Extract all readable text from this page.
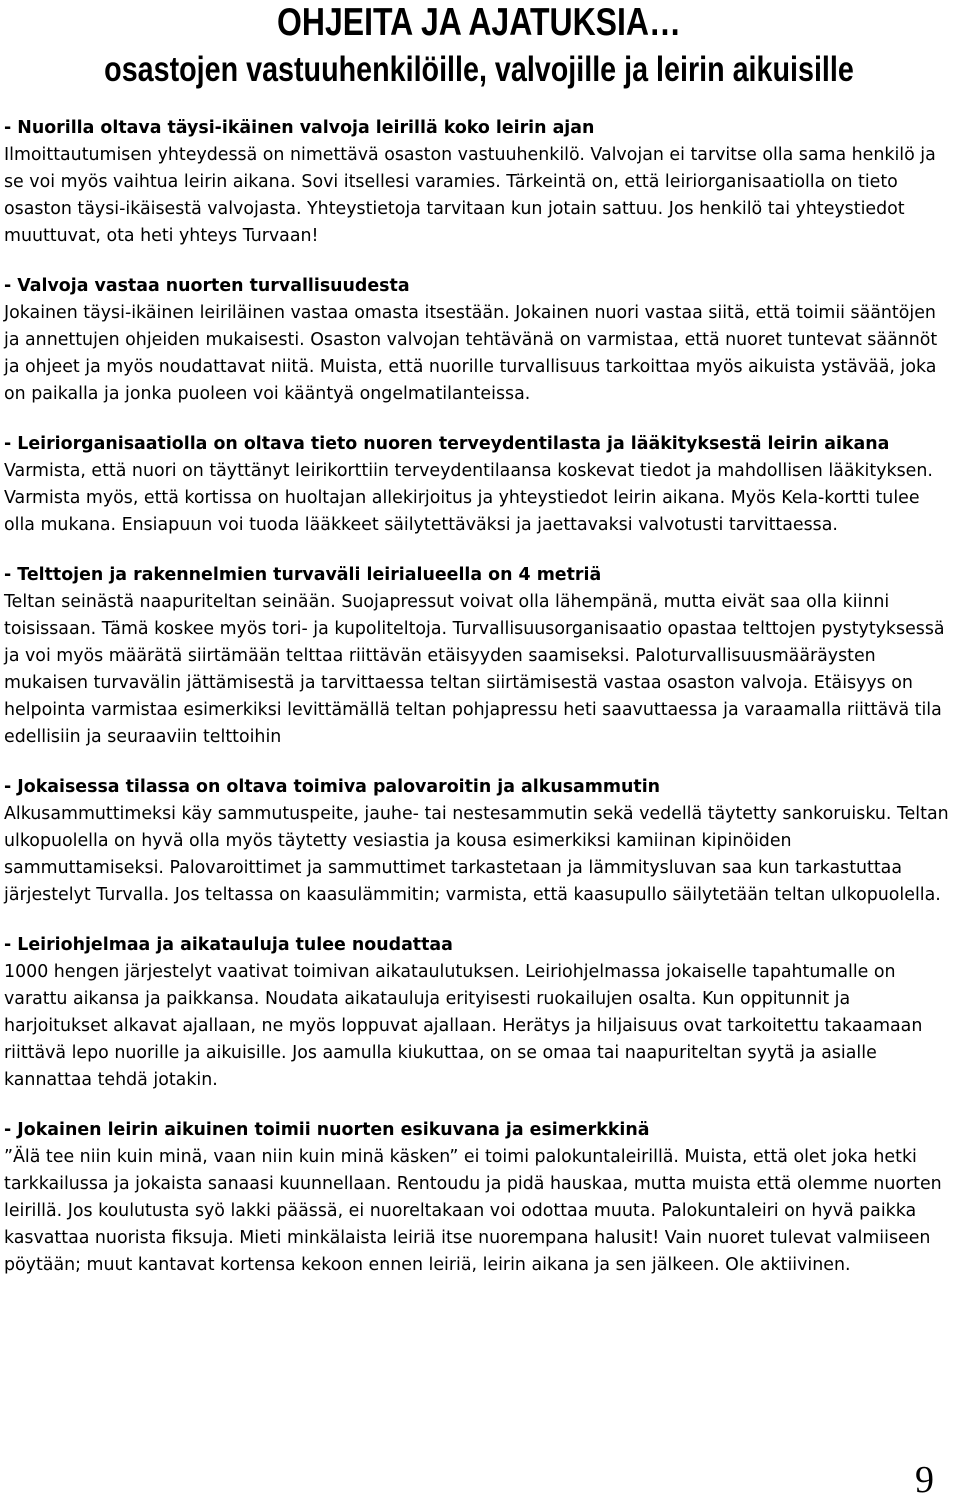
OHJEITA JA AJATUKSIA…
osastojen vastuuhenkilöille, valvojille ja leirin aikuisille

- Nuorilla oltava täysi-ikäinen valvoja leirillä koko leirin ajan

Ilmoittautumisen yhteydessä on nimettävä osaston vastuuhenkilö. Valvojan ei tarvitse olla sama henkilö ja se voi myös vaihtua leirin aikana. Sovi itsellesi varamies. Tärkeintä on, että leiriorganisaatiolla on tieto osaston täysi-ikäisestä valvojasta. Yhteystietoja tarvitaan kun jotain sattuu. Jos henkilö tai yhteystiedot muuttuvat, ota heti yhteys Turvaan!

- Valvoja vastaa nuorten turvallisuudesta

Jokainen täysi-ikäinen leiriläinen vastaa omasta itsestään. Jokainen nuori vastaa siitä, että toimii sääntöjen ja annettujen ohjeiden mukaisesti. Osaston valvojan tehtävänä on varmistaa, että nuoret tuntevat säännöt ja ohjeet ja myös noudattavat niitä. Muista, että nuorille turvallisuus tarkoittaa myös aikuista ystävää, joka on paikalla ja jonka puoleen voi kääntyä ongelmatilanteissa.

- Leiriorganisaatiolla on oltava tieto nuoren terveydentilasta ja lääkityksestä leirin aikana

Varmista, että nuori on täyttänyt leirikorttiin terveydentilaansa koskevat tiedot ja mahdollisen lääkityksen. Varmista myös, että kortissa on huoltajan allekirjoitus ja yhteystiedot leirin aikana. Myös Kela-kortti tulee olla mukana. Ensiapuun voi tuoda lääkkeet säilytettäväksi ja jaettavaksi valvotusti tarvittaessa.

- Telttojen ja rakennelmien turvaväli leirialueella on 4 metriä

Teltan seinästä naapuriteltan seinään. Suojapressut voivat olla lähempänä, mutta eivät saa olla kiinni toisissaan. Tämä koskee myös tori- ja kupoliteltoja. Turvallisuusorganisaatio opastaa telttojen pystytyksessä ja voi myös määrätä siirtämään telttaa riittävän etäisyyden saamiseksi. Paloturvallisuusmääräysten mukaisen turvavälin jättämisestä ja tarvittaessa teltan siirtämisestä vastaa osaston valvoja. Etäisyys on helpointa varmistaa esimerkiksi levittämällä teltan pohjapressu heti saavuttaessa ja varaamalla riittävä tila edellisiin ja seuraaviin telttoihin

- Jokaisessa tilassa on oltava toimiva palovaroitin ja alkusammutin

Alkusammuttimeksi käy sammutuspeite, jauhe- tai nestesammutin sekä vedellä täytetty sankoruisku. Teltan ulkopuolella on hyvä olla myös täytetty vesiastia ja kousa esimerkiksi kamiinan kipinöiden sammuttamiseksi. Palovaroittimet ja sammuttimet tarkastetaan ja lämmitysluvan saa kun tarkastuttaa järjestelyt Turvalla. Jos teltassa on kaasulämmitin; varmista, että kaasupullo säilytetään teltan ulkopuolella.

- Leiriohjelmaa ja aikatauluja tulee noudattaa

1000 hengen järjestelyt vaativat toimivan aikataulutuksen. Leiriohjelmassa jokaiselle tapahtumalle on varattu aikansa ja paikkansa. Noudata aikatauluja erityisesti ruokailujen osalta. Kun oppitunnit ja harjoitukset alkavat ajallaan, ne myös loppuvat ajallaan. Herätys ja hiljaisuus ovat tarkoitettu takaamaan riittävä lepo nuorille ja aikuisille. Jos aamulla kiukuttaa, on se omaa tai naapuriteltan syytä ja asialle kannattaa tehdä jotakin.

- Jokainen leirin aikuinen toimii nuorten esikuvana ja esimerkkinä

”Älä tee niin kuin minä, vaan niin kuin minä käsken” ei toimi palokuntaleirillä. Muista, että olet joka hetki tarkkailussa ja jokaista sanaasi kuunnellaan. Rentoudu ja pidä hauskaa, mutta muista että olemme nuorten leirillä. Jos koulutusta syö lakki päässä, ei nuoreltakaan voi odottaa muuta. Palokuntaleiri on hyvä paikka kasvattaa nuorista fiksuja. Mieti minkälaista leiriä itse nuorempana halusit! Vain nuoret tulevat valmiiseen pöytään; muut kantavat kortensa kekoon ennen leiriä, leirin aikana ja sen jälkeen. Ole aktiivinen.

9
